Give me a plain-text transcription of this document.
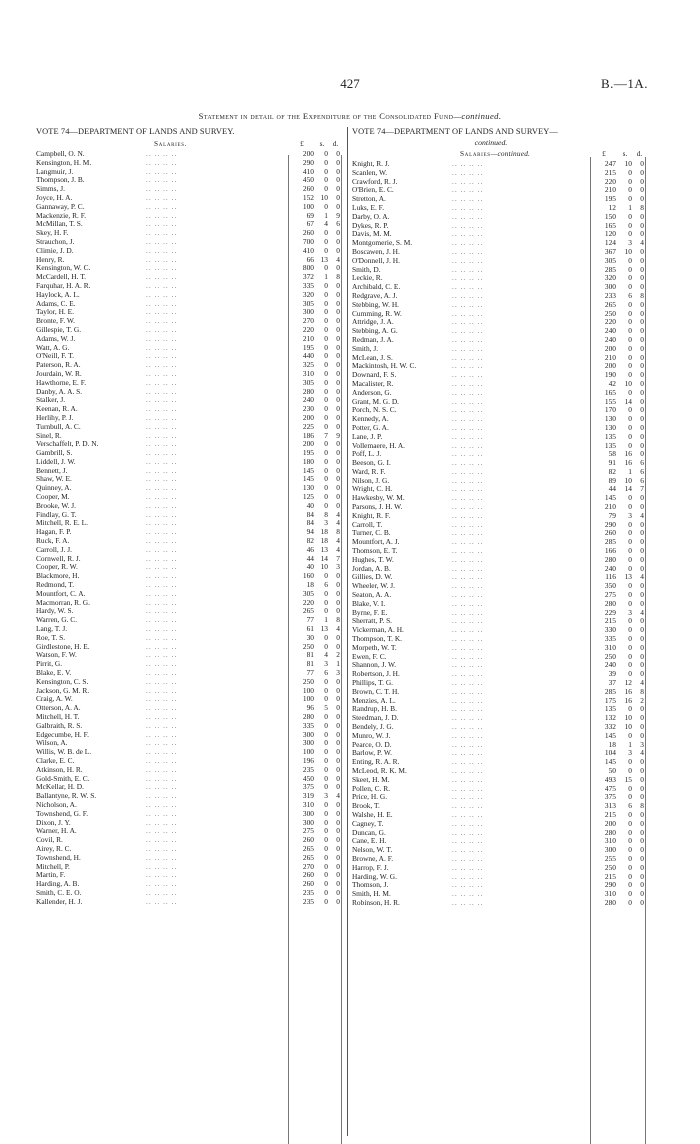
427	B.—1A.
Statement in detail of the Expenditure of the Consolidated Fund—continued.
VOTE 74—DEPARTMENT OF LANDS AND SURVEY.
Salaries.	£	s.	d.
Campbell, O. N.	200	0	0
.. .. .. ..
Kensington, H. M.	290	0	0
.. .. .. ..
Langmuir, J.	410	0	0
.. .. .. ..
Thompson, J. B.	450	0	0
.. .. .. ..
Simms, J.	260	0	0
.. .. .. ..
Joyce, H. A.	152 10	0
.. .. .. ..
Gannaway, P. C.	100	0	0
.. .. .. ..
Mackenzie, R. F.	69	1	9
.. .. .. ..
McMillan, T. S.	67	4	6
.. .. .. ..
Skey, H. F.	260	0	0
.. .. .. ..
Strauchon, J.	700	0	0
.. .. .. ..
Climie, J. D.	410	0	0
.. .. .. ..
Henry, R.	66 13	4
.. .. .. ..
Kensington, W. C.	800	0	0
.. .. .. ..
McCardell, H. T.	372	1	8
.. .. .. ..
Farquhar, H. A. R.	335	0	0
.. .. .. ..
Haylock, A. L.	320	0	0
.. .. .. ..
Adams, C. E.	305	0	0
.. .. .. ..
Taylor, H. E.	300	0	0
.. .. .. ..
Bronte, F. W.	270	0	0
.. .. .. ..
Gillespie, T. G.	220	0	0
.. .. .. ..
Adams, W. J.	210	0	0
.. .. .. ..
Watt, A. G.	195	0	0
.. .. .. ..
O'Neill, F. T.	440	0	0
.. .. .. ..
Paterson, R. A.	325	0	0
.. .. .. ..
Jourdain, W. R.	310	0	0
.. .. .. ..
Hawthorne, E. F.	305	0	0
.. .. .. ..
Danby, A. A. S.	280	0	0
.. .. .. ..
Stalker, J.	240	0	0
.. .. .. ..
Keenan, R. A.	230	0	0
.. .. .. ..
Herlihy, P. J.	200	0	0
.. .. .. ..
Turnbull, A. C.	225	0	0
.. .. .. ..
Sinel, R.	186	7	9
.. .. .. ..
Verschaffelt, P. D. N.	200	0	0
.. .. .. ..
Gambrill, S.	195	0	0
.. .. .. ..
Liddell, J. W.	180	0	0
.. .. .. ..
Bennett, J.	145	0	0
.. .. .. ..
Shaw, W. E.	145	0	0
.. .. .. ..
Quinney, A.	130	0	0
.. .. .. ..
Cooper, M.	125	0	0
.. .. .. ..
Brooke, W. J.	40	0	0
.. .. .. ..
Findlay, G. T.	84	8	4
.. .. .. ..
Mitchell, R. E. L.	84	3	4
.. .. .. ..
Hagan, F. P.	94 18	8
.. .. .. ..
Ruck, F. A.	82 18	4
.. .. .. ..
Carroll, J. J.	46 13	4
.. .. .. ..
Cornwell, R. J.	44 14	7
.. .. .. ..
Cooper, R. W.	40 10	3
.. .. .. ..
Blackmore, H.	160	0	0
.. .. .. ..
Redmond, T.	18	6	0
.. .. .. ..
Mountfort, C. A.	305	0	0
.. .. .. ..
Macmorran, R. G.	220	0	0
.. .. .. ..
Hardy, W. S.	265	0	0
.. .. .. ..
Warren, G. C.	77	1	8
.. .. .. ..
Lang, T. J.	61 13	4
.. .. .. ..
Roe, T. S.	30	0	0
.. .. .. ..
Girdlestone, H. E.	250	0	0
.. .. .. ..
Watson, F. W.	81	4	2
.. .. .. ..
Pirrit, G.	81	3	1
.. .. .. ..
Blake, E. V.	77	6	3
.. .. .. ..
Kensington, C. S.	250	0	0
.. .. .. ..
Jackson, G. M. R.	100	0	0
.. .. .. ..
Craig, A. W.	100	0	0
.. .. .. ..
Otterson, A. A.	96	5	0
.. .. .. ..
Mitchell, H. T.	280	0	0
.. .. .. ..
Galbraith, R. S.	335	0	0
.. .. .. ..
Edgecumbe, H. F.	300	0	0
.. .. .. ..
Wilson, A.	300	0	0
.. .. .. ..
Willis, W. B. de L.	100	0	0
.. .. .. ..
Clarke, E. C.	196	0	0
.. .. .. ..
Atkinson, H. R.	235	0	0
.. .. .. ..
Gold-Smith, E. C.	450	0	0
.. .. .. ..
McKellar, H. D.	375	0	0
.. .. .. ..
Ballantyne, R. W. S.	319	3	4
.. .. .. ..
Nicholson, A.	310	0	0
.. .. .. ..
Townshend, G. F.	300	0	0
.. .. .. ..
Dixon, J. Y.	300	0	0
.. .. .. ..
Warner, H. A.	275	0	0
.. .. .. ..
Covil, R.	260	0	0
.. .. .. ..
Airey, R. C.	265	0	0
.. .. .. ..
Townshend, H.	265	0	0
.. .. .. ..
Mitchell, P.	270	0	0
.. .. .. ..
Martin, F.	260	0	0
.. .. .. ..
Harding, A. B.	260	0	0
.. .. .. ..
Smith, C. E. O.	235	0	0
.. .. .. ..
Kallender, H. J.	235	0	0
.. .. .. ..
VOTE 74—DEPARTMENT OF LANDS AND SURVEY—
continued.
Salaries—continued.	£	s.	d.
Knight, R. J.	247	10	0
.. .. .. ..
Scanlen, W.	215	0	0
.. .. .. ..
Crawford, R. J.	220	0	0
.. .. .. ..
O'Brien, E. C.	210	0	0
.. .. .. ..
Stretton, A.	195	0	0
.. .. .. ..
Luks, E. F.	12	1	8
.. .. .. ..
Darby, O. A.	150	0	0
.. .. .. ..
Dykes, R. P.	165	0	0
.. .. .. ..
Davis, M. M.	120	0	0
.. .. .. ..
Montgomerie, S. M.	124	3	4
.. .. .. ..
Boscawen, J. H.	367	10	0
.. .. .. ..
O'Donnell, J. H.	305	0	0
.. .. .. ..
Smith, D.	285	0	0
.. .. .. ..
Leckie, R.	320	0	0
.. .. .. ..
Archibald, C. E.	300	0	0
.. .. .. ..
Redgrave, A. J.	233	6	8
.. .. .. ..
Stebbing, W. H.	265	0	0
.. .. .. ..
Cumming, R. W.	250	0	0
.. .. .. ..
Attridge, J. A.	220	0	0
.. .. .. ..
Stebbing, A. G.	240	0	0
.. .. .. ..
Redman, J. A.	240	0	0
.. .. .. ..
Smith, J.	200	0	0
.. .. .. ..
McLean, J. S.	210	0	0
.. .. .. ..
Mackintosh, H. W. C.	200	0	0
.. .. .. ..
Downard, F. S.	190	0	0
.. .. .. ..
Macalister, R.	42	10	0
.. .. .. ..
Anderson, G.	165	0	0
.. .. .. ..
Grant, M. G. D.	155	14	0
.. .. .. ..
Porch, N. S. C.	170	0	0
.. .. .. ..
Kennedy, A.	130	0	0
.. .. .. ..
Potter, G. A.	130	0	0
.. .. .. ..
Lane, J. P.	135	0	0
.. .. .. ..
Vollemaere, H. A.	135	0	0
.. .. .. ..
Poff, L. J.	58	16	0
.. .. .. ..
Beeson, G. I.	91	16	6
.. .. .. ..
Ward, R. F.	82	1	6
.. .. .. ..
Nilson, J. G.	89	10	6
.. .. .. ..
Wright, C. H.	44	14	7
.. .. .. ..
Hawkesby, W. M.	145	0	0
.. .. .. ..
Parsons, J. H. W.	210	0	0
.. .. .. ..
Knight, R. F.	79	3	4
.. .. .. ..
Carroll, T.	290	0	0
.. .. .. ..
Turner, C. B.	260	0	0
.. .. .. ..
Mountfort, A. J.	285	0	0
.. .. .. ..
Thomson, E. T.	166	0	0
.. .. .. ..
Hughes, T. W.	280	0	0
.. .. .. ..
Jordan, A. B.	240	0	0
.. .. .. ..
Gillies, D. W.	116	13	4
.. .. .. ..
Wheeler, W. J.	350	0	0
.. .. .. ..
Seaton, A. A.	275	0	0
.. .. .. ..
Blake, V. I.	280	0	0
.. .. .. ..
Byrne, F. E.	229	3	4
.. .. .. ..
Sherratt, P. S.	215	0	0
.. .. .. ..
Vickerman, A. H.	330	0	0
.. .. .. ..
Thompson, T. K.	335	0	0
.. .. .. ..
Morpeth, W. T.	310	0	0
.. .. .. ..
Ewen, F. C.	250	0	0
.. .. .. ..
Shannon, J. W.	240	0	0
.. .. .. ..
Robertson, J. H.	39	0	0
.. .. .. ..
Phillips, T. G.	37	12	4
.. .. .. ..
Brown, C. T. H.	285	16	8
.. .. .. ..
Menzies, A. L.	175	16	2
.. .. .. ..
Randrup, H. B.	135	0	0
.. .. .. ..
Steedman, J. D.	132	10	0
.. .. .. ..
Bendely, J. G.	332	10	0
.. .. .. ..
Munro, W. J.	145	0	0
.. .. .. ..
Pearce, O. D.	18	1	3
.. .. .. ..
Barlow, P. W.	104	3	4
.. .. .. ..
Enting, R. A. R.	145	0	0
.. .. .. ..
McLeod, R. K. M.	50	0	0
.. .. .. ..
Skeet, H. M.	493	15	0
.. .. .. ..
Pollen, C. R.	475	0	0
.. .. .. ..
Price, H. G.	375	0	0
.. .. .. ..
Brook, T.	313	6	8
.. .. .. ..
Walshe, H. E.	215	0	0
.. .. .. ..
Cagney, T.	200	0	0
.. .. .. ..
Duncan, G.	280	0	0
.. .. .. ..
Cane, E. H.	310	0	0
.. .. .. ..
Nelson, W. T.	300	0	0
.. .. .. ..
Browne, A. F.	255	0	0
.. .. .. ..
Harrop, F. J.	250	0	0
.. .. .. ..
Harding, W. G.	215	0	0
.. .. .. ..
Thomson, J.	290	0	0
.. .. .. ..
Smith, H. M.	310	0	0
.. .. .. ..
Robinson, H. R.	280	0	0
.. .. .. ..
